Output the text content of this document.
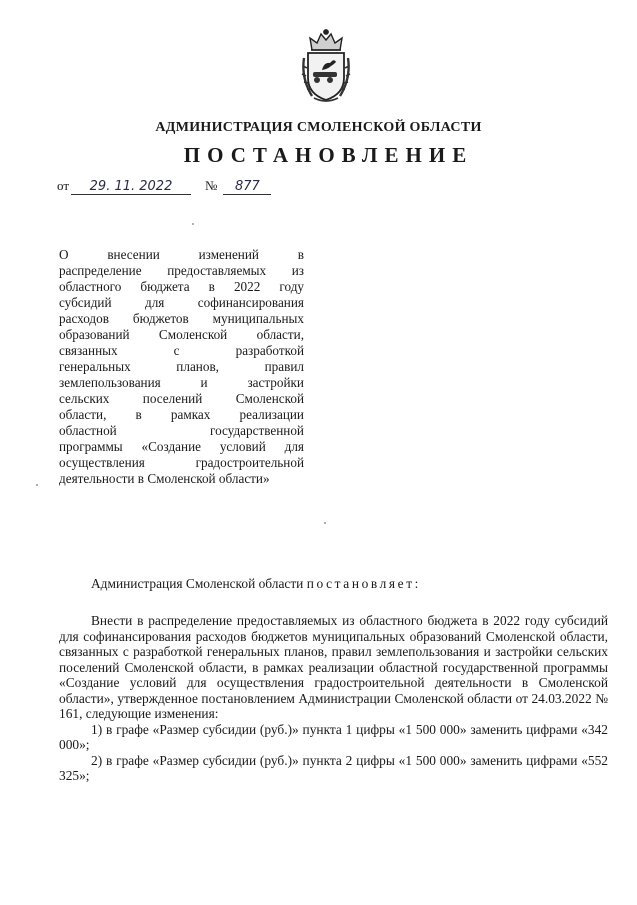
АДМИНИСТРАЦИЯ СМОЛЕНСКОЙ ОБЛАСТИ
ПОСТАНОВЛЕНИЕ
от 29. 11. 2022	№ 877
О внесении изменений в
распределение предоставляемых из
областного бюджета в 2022 году
субсидий для софинансирования
расходов бюджетов муниципальных
образований Смоленской области,
связанных с разработкой
генеральных планов, правил
землепользования и застройки
сельских поселений Смоленской
области, в рамках реализации
областной государственной
программы «Создание условий для
осуществления градостроительной
деятельности в Смоленской области»
Администрация Смоленской области постановляет:

Внести в распределение предоставляемых из областного бюджета в 2022 году субсидий для софинансирования расходов бюджетов муниципальных образований Смоленской области, связанных с разработкой генеральных планов, правил землепользования и застройки сельских поселений Смоленской области, в рамках реализации областной государственной программы «Создание условий для осуществления градостроительной деятельности в Смоленской области», утвержденное постановлением Администрации Смоленской области от 24.03.2022 № 161, следующие изменения:

1) в графе «Размер субсидии (руб.)» пункта 1 цифры «1 500 000» заменить цифрами «342 000»;

2) в графе «Размер субсидии (руб.)» пункта 2 цифры «1 500 000» заменить цифрами «552 325»;
